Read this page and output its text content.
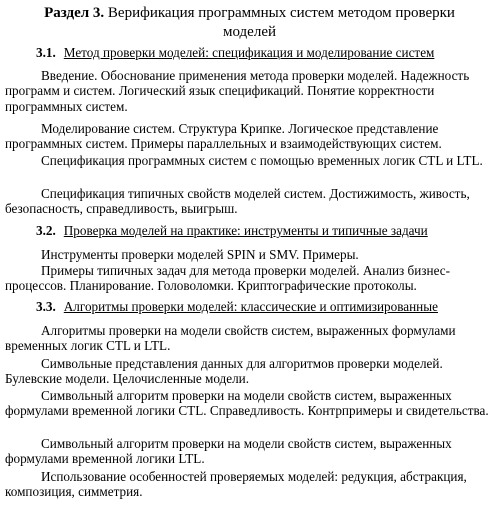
Раздел 3. Верификация программных систем методом проверки
моделей
3.1. Метод проверки моделей: спецификация и моделирование систем

Введение. Обоснование применения метода проверки моделей. Надежность программ и систем. Логический язык спецификаций. Понятие корректности программных систем.

Моделирование систем. Структура Крипке. Логическое представление программных систем. Примеры параллельных и взаимодействующих систем.

Спецификация программных систем с помощью временных логик CTL и LTL.

Спецификация типичных свойств моделей систем. Достижимость, живость, безопасность, справедливость, выигрыш.

3.2. Проверка моделей на практике: инструменты и типичные задачи

Инструменты проверки моделей SPIN и SMV. Примеры.

Примеры типичных задач для метода проверки моделей. Анализ бизнес-процессов. Планирование. Головоломки. Криптографические протоколы.

3.3. Алгоритмы проверки моделей: классические и оптимизированные

Алгоритмы проверки на модели свойств систем, выраженных формулами временных логик CTL и LTL.

Символьные представления данных для алгоритмов проверки моделей. Булевские модели. Целочисленные модели.

Символьный алгоритм проверки на модели свойств систем, выраженных формулами временной логики CTL. Справедливость. Контрпримеры и свидетельства.

Символьный алгоритм проверки на модели свойств систем, выраженных формулами временной логики LTL.

Использование особенностей проверяемых моделей: редукция, абстракция, композиция, симметрия.
